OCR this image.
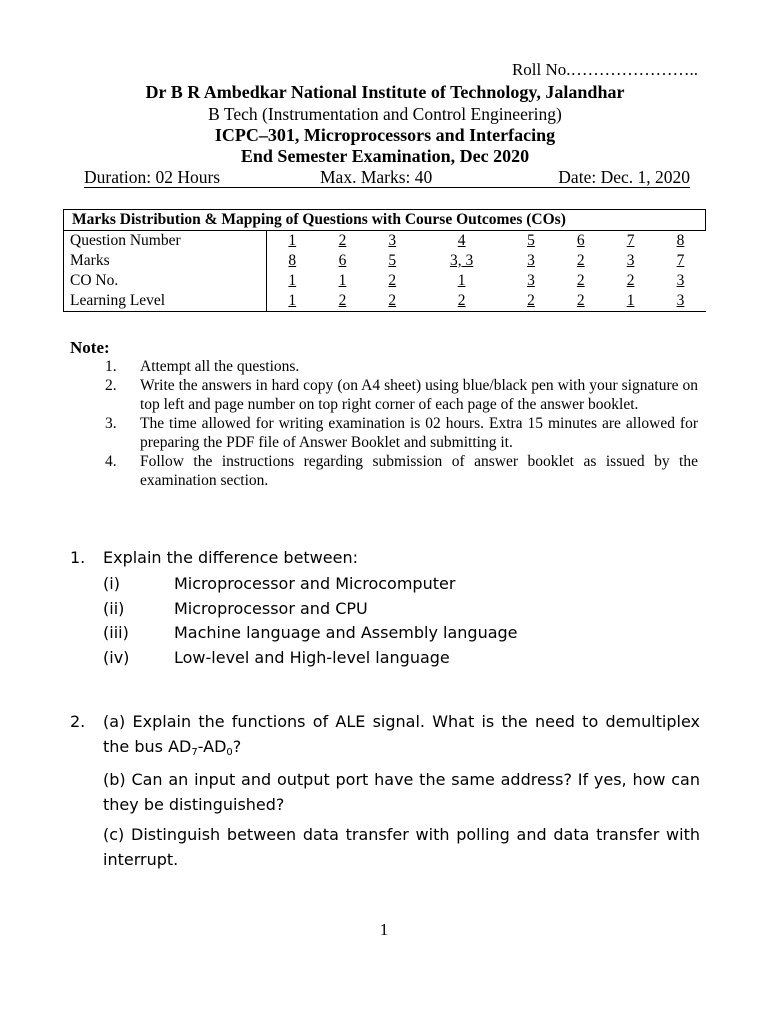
Roll No.…………………..
Dr B R Ambedkar National Institute of Technology, Jalandhar
B Tech (Instrumentation and Control Engineering)
ICPC–301, Microprocessors and Interfacing
End Semester Examination, Dec 2020
Duration: 02 Hours	Max. Marks: 40	Date: Dec. 1, 2020
Marks Distribution & Mapping of Questions with Course Outcomes (COs)								
Question Number	1	2	3	4	5	6	7	8
Marks	8	6	5	3, 3	3	2	3	7
CO No.	1	1	2	1	3	2	2	3
Learning Level	1	2	2	2	2	2	1	3
Note:
1. Attempt all the questions.
2. Write the answers in hard copy (on A4 sheet) using blue/black pen with your signature on top left and page number on top right corner of each page of the answer booklet.
3. The time allowed for writing examination is 02 hours. Extra 15 minutes are allowed for preparing the PDF file of Answer Booklet and submitting it.
4. Follow the instructions regarding submission of answer booklet as issued by the examination section.
1. Explain the difference between:
(i)	Microprocessor and Microcomputer
(ii)	Microprocessor and CPU
(iii)	Machine language and Assembly language
(iv)	Low-level and High-level language
2. (a) Explain the functions of ALE signal. What is the need to demultiplex the bus $AD_7-AD_0$?
(b) Can an input and output port have the same address? If yes, how can they be distinguished?
(c) Distinguish between data transfer with polling and data transfer with interrupt.
1
